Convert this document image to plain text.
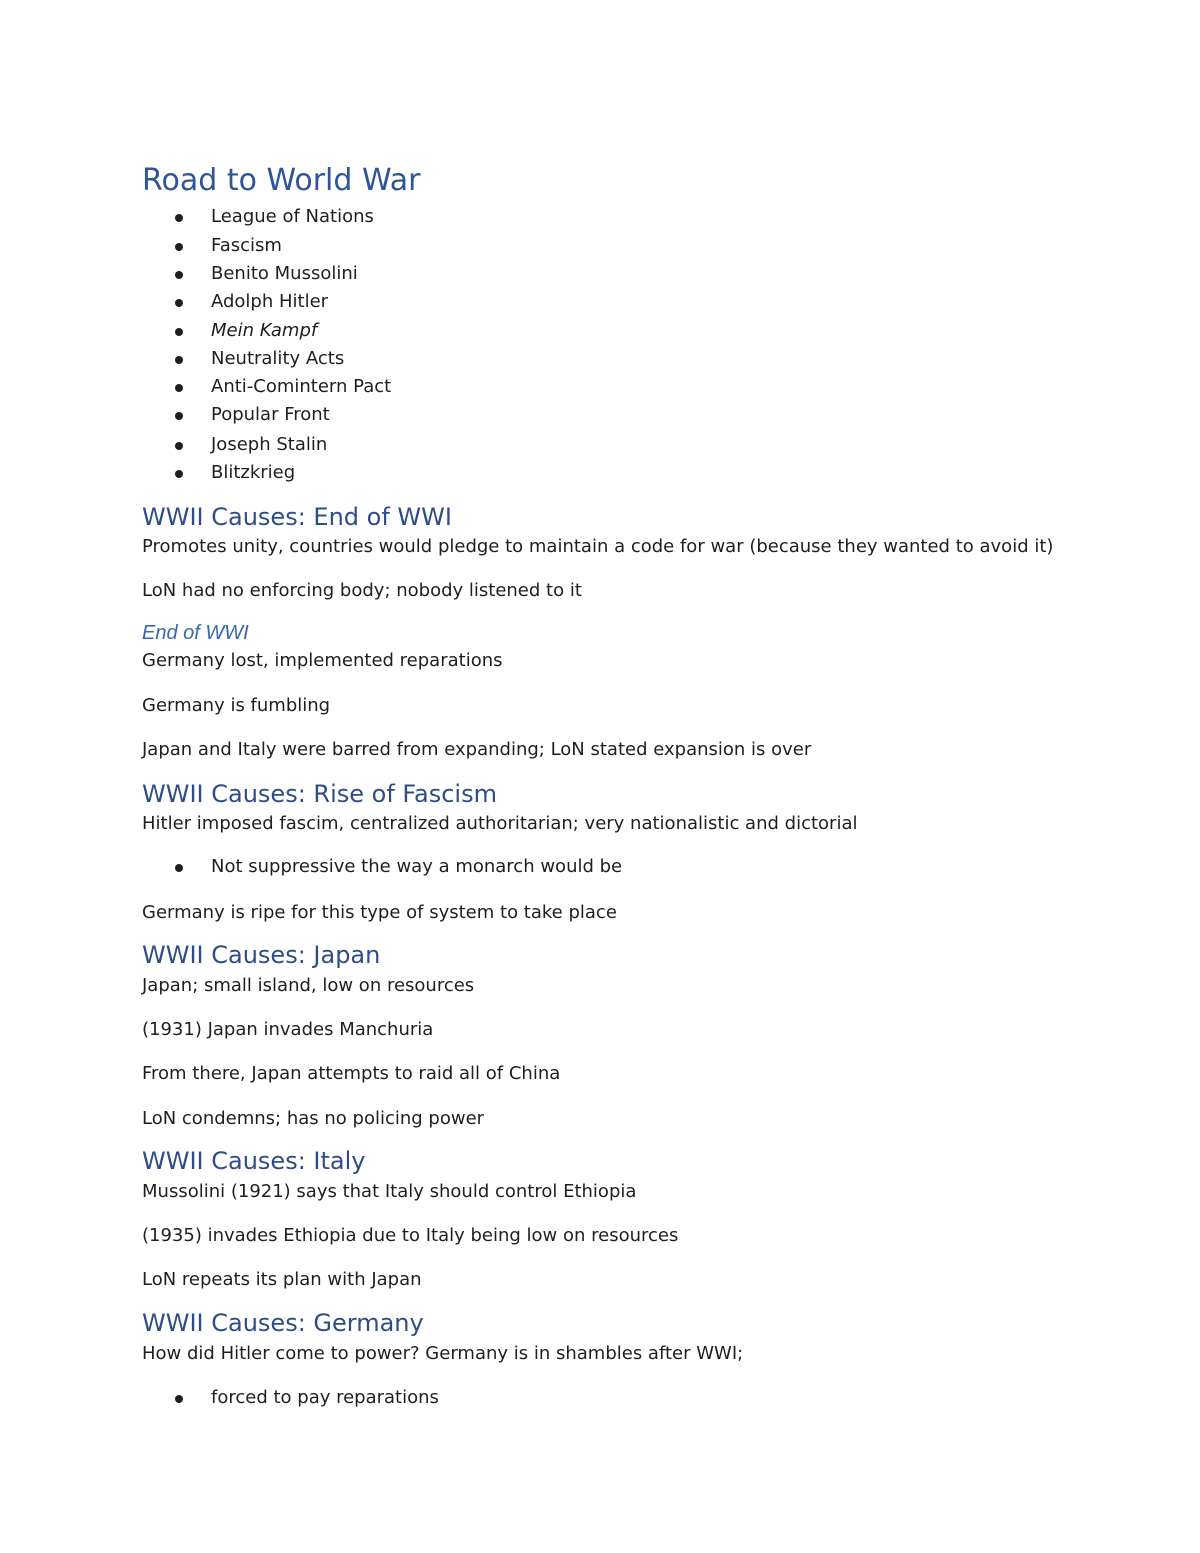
Road to World War
League of Nations
Fascism
Benito Mussolini
Adolph Hitler
Mein Kampf
Neutrality Acts
Anti-Comintern Pact
Popular Front
Joseph Stalin
Blitzkrieg
WWII Causes: End of WWI
Promotes unity, countries would pledge to maintain a code for war (because they wanted to avoid it)
LoN had no enforcing body; nobody listened to it
End of WWI
Germany lost, implemented reparations
Germany is fumbling
Japan and Italy were barred from expanding; LoN stated expansion is over
WWII Causes: Rise of Fascism
Hitler imposed fascim, centralized authoritarian; very nationalistic and dictorial
Not suppressive the way a monarch would be
Germany is ripe for this type of system to take place
WWII Causes: Japan
Japan; small island, low on resources
(1931) Japan invades Manchuria
From there, Japan attempts to raid all of China
LoN condemns; has no policing power
WWII Causes: Italy
Mussolini (1921) says that Italy should control Ethiopia
(1935) invades Ethiopia due to Italy being low on resources
LoN repeats its plan with Japan
WWII Causes: Germany
How did Hitler come to power? Germany is in shambles after WWI;
forced to pay reparations
